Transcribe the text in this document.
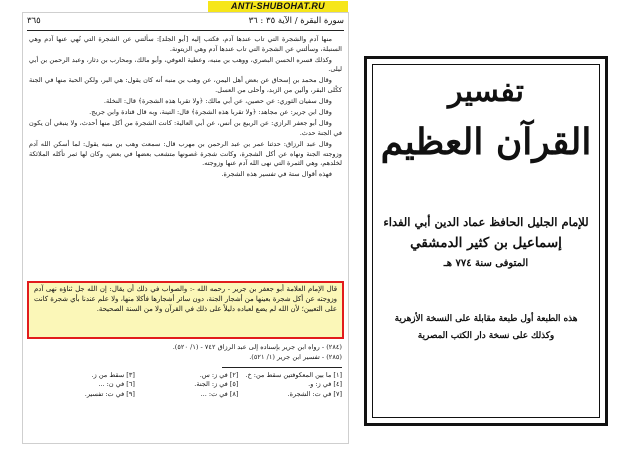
ANTI-SHUBOHAT.RU
سورة البقرة / الآية ٣٥ : ٣٦
٣٦٥

منها آدم والشجرة التي تاب عندها آدم، فكتب إليه [أبو الجلد]: سألتني عن الشجرة التي نُهي عنها آدم وهي السنبلة، وسألتني عن الشجرة التي تاب عندها آدم وهي الزيتونة.

وكذلك فسره الحسن البصري، ووهب بن منبه، وعطية العوفي، وأبو مالك، ومحارب بن دثار، وعبد الرحمن بن أبي ليلى.

وقال محمد بن إسحاق عن بعض أهل اليمن، عن وهب بن منبه أنه كان يقول: هي البر، ولكن الحبة منها في الجنة ككُلى البقر، وألين من الزبد، وأحلى من العسل.

وقال سفيان الثوري: عن حصين، عن أبي مالك: ﴿ولا تقربا هذه الشجرة﴾ قال: النخلة.

وقال ابن جرير: عن مجاهد: ﴿ولا تقربا هذه الشجرة﴾ قال: التينة، وبه قال قتادة وابن جريج.

وقال أبو جعفر الرازي: عن الربيع بن أنس، عن أبي العالية: كانت الشجرة من أكل منها أحدث، ولا ينبغي أن يكون في الجنة حدث.

وقال عبد الرزاق: حدثنا عمر بن عبد الرحمن بن مهرب قال: سمعت وهب بن منبه يقول: لما أسكن الله آدم وزوجته الجنة ونهاه عن أكل الشجرة، وكانت شجرة غصونها متشعب بعضها في بعض، وكان لها ثمر تأكله الملائكة لخلدهم، وهي الثمرة التي نهى الله آدم عنها وزوجته.

فهذه أقوال ستة في تفسير هذه الشجرة.

قال الإمام العلامة أبو جعفر بن جرير - رحمه الله -: والصواب في ذلك أن يقال: إن الله جل ثناؤه نهى آدم وزوجته عن أكل شجرة بعينها من أشجار الجنة، دون سائر أشجارها فأكلا منها، ولا علم عندنا بأي شجرة كانت على التعيين؛ لأن الله لم يضع لعباده دليلاً على ذلك في القرآن ولا من السنة الصحيحة.
(٢٨٤) - رواه ابن جرير بإسناده إلى عبد الرزاق ٧٤٢ - (١/ ٥٢٠).
(٢٨٥) - تفسير ابن جرير (١/ ٥٢١).
[١] ما بين المعكوفتين سقط من: خ.
[٢] في ز: س.
[٣] سقط من ز.
[٤] في ز: و.
[٥] في ز: الجنة.
[٦] في ن: ...
[٧] في ت: الشجرة.
[٨] في ت: ...
[٩] في ت: تفسير.
تفسير
القرآن العظيم
للإمام الجليل الحافظ عماد الدين أبي الفداء
إسماعيل بن كثير الدمشقي
المتوفى سنة ٧٧٤ هـ
هذه الطبعة أول طبعة مقابلة على النسخة الأزهرية
وكذلك على نسخة دار الكتب المصرية
